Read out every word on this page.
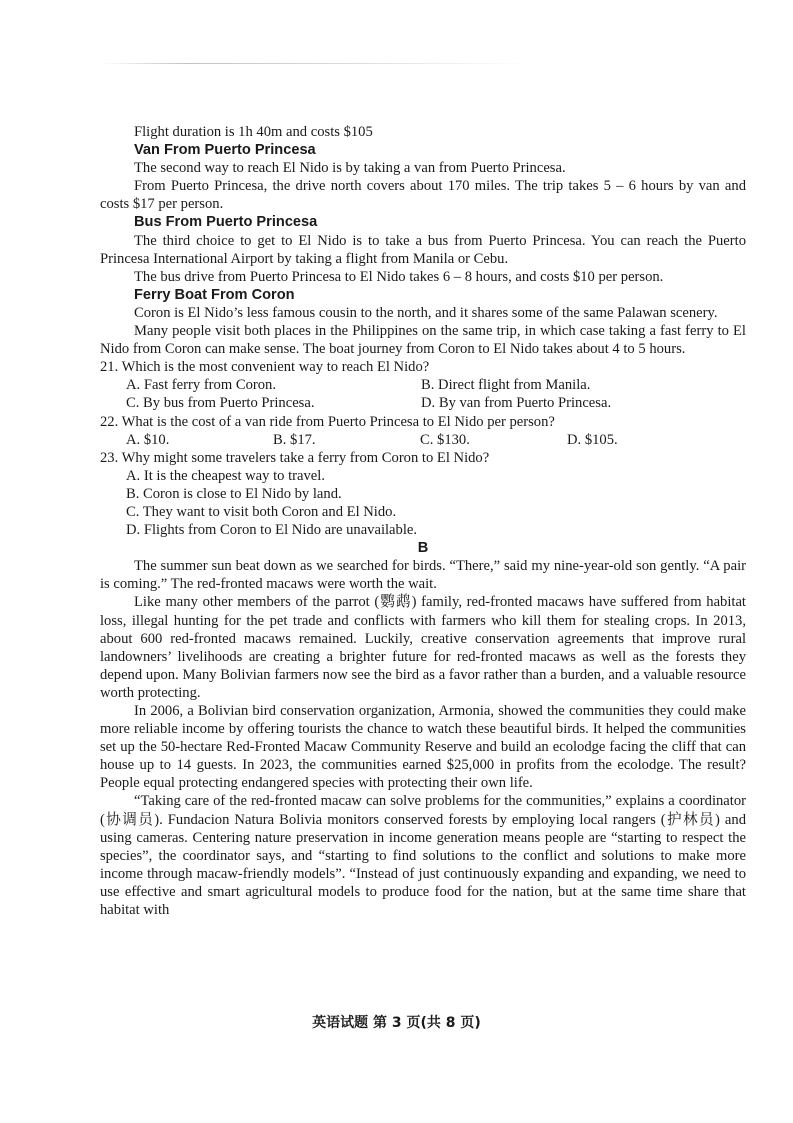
Flight duration is 1h 40m and costs $105

Van From Puerto Princesa

The second way to reach El Nido is by taking a van from Puerto Princesa.

From Puerto Princesa, the drive north covers about 170 miles. The trip takes 5 – 6 hours by van and costs $17 per person.

Bus From Puerto Princesa

The third choice to get to El Nido is to take a bus from Puerto Princesa. You can reach the Puerto Princesa International Airport by taking a flight from Manila or Cebu.

The bus drive from Puerto Princesa to El Nido takes 6 – 8 hours, and costs $10 per person.

Ferry Boat From Coron

Coron is El Nido’s less famous cousin to the north, and it shares some of the same Palawan scenery.

Many people visit both places in the Philippines on the same trip, in which case taking a fast ferry to El Nido from Coron can make sense. The boat journey from Coron to El Nido takes about 4 to 5 hours.

21. Which is the most convenient way to reach El Nido?

A. Fast ferry from Coron.	B. Direct flight from Manila.
C. By bus from Puerto Princesa.	D. By van from Puerto Princesa.

22. What is the cost of a van ride from Puerto Princesa to El Nido per person?

A. $10.	B. $17.	C. $130.	D. $105.

23. Why might some travelers take a ferry from Coron to El Nido?

A. It is the cheapest way to travel.
B. Coron is close to El Nido by land.
C. They want to visit both Coron and El Nido.
D. Flights from Coron to El Nido are unavailable.

B

The summer sun beat down as we searched for birds. “There,” said my nine-year-old son gently. “A pair is coming.” The red-fronted macaws were worth the wait.

Like many other members of the parrot (鹦鹉) family, red-fronted macaws have suffered from habitat loss, illegal hunting for the pet trade and conflicts with farmers who kill them for stealing crops. In 2013, about 600 red-fronted macaws remained. Luckily, creative conservation agreements that improve rural landowners’ livelihoods are creating a brighter future for red-fronted macaws as well as the forests they depend upon. Many Bolivian farmers now see the bird as a favor rather than a burden, and a valuable resource worth protecting.

In 2006, a Bolivian bird conservation organization, Armonia, showed the communities they could make more reliable income by offering tourists the chance to watch these beautiful birds. It helped the communities set up the 50-hectare Red-Fronted Macaw Community Reserve and build an ecolodge facing the cliff that can house up to 14 guests. In 2023, the communities earned $25,000 in profits from the ecolodge. The result? People equal protecting endangered species with protecting their own life.

“Taking care of the red-fronted macaw can solve problems for the communities,” explains a coordinator (协调员). Fundacion Natura Bolivia monitors conserved forests by employing local rangers (护林员) and using cameras. Centering nature preservation in income generation means people are “starting to respect the species”, the coordinator says, and “starting to find solutions to the conflict and solutions to make more income through macaw-friendly models”. “Instead of just continuously expanding and expanding, we need to use effective and smart agricultural models to produce food for the nation, but at the same time share that habitat with

英语试题 第 3 页(共 8 页)
